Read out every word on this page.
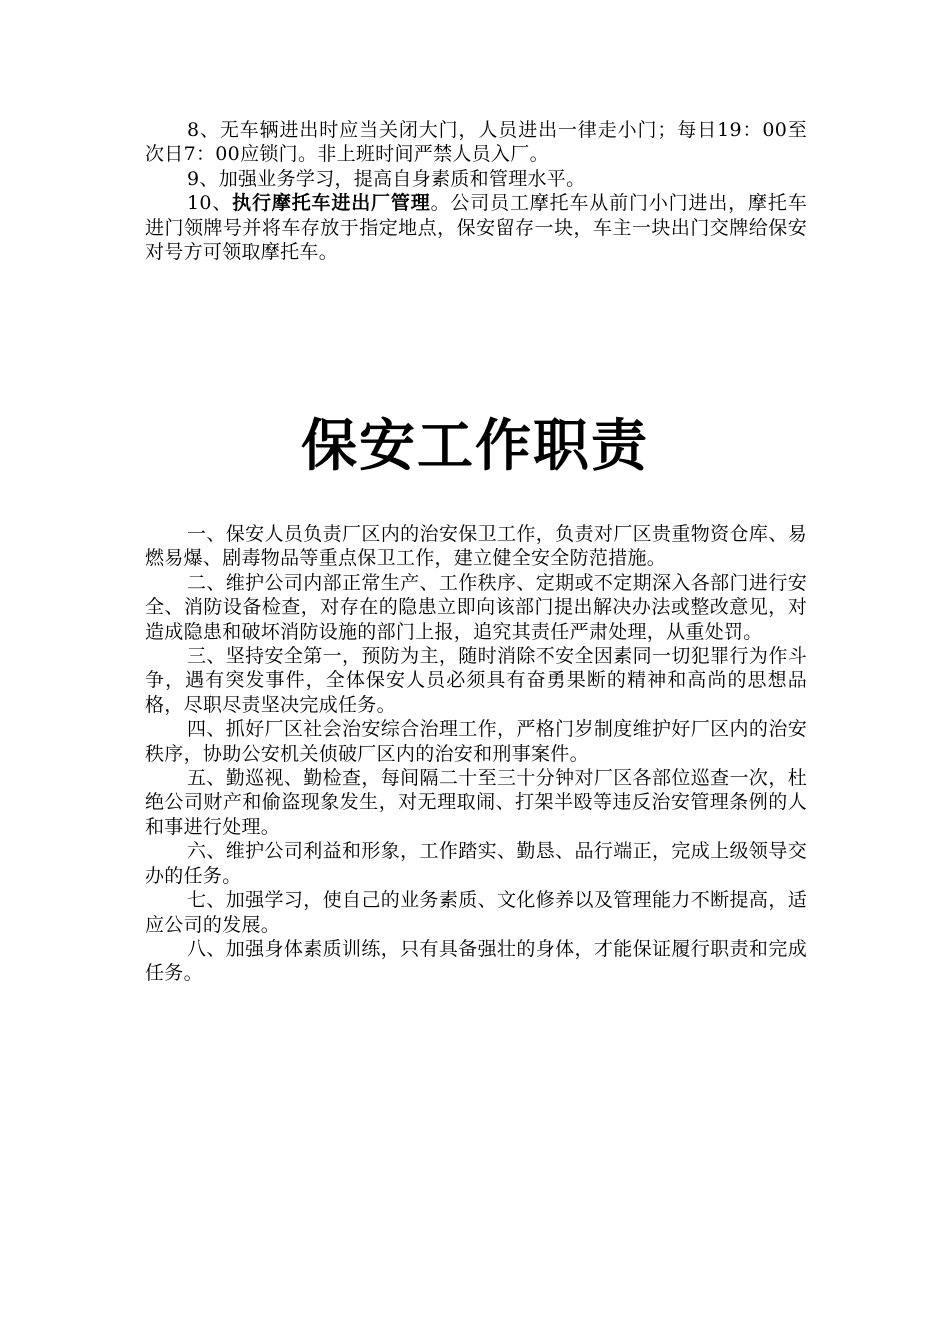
8、无车辆进出时应当关闭大门，人员进出一律走小门；每日19：00至次日7：00应锁门。非上班时间严禁人员入厂。

9、加强业务学习，提高自身素质和管理水平。

10、执行摩托车进出厂管理。公司员工摩托车从前门小门进出，摩托车进门领牌号并将车存放于指定地点，保安留存一块，车主一块出门交牌给保安对号方可领取摩托车。

保安工作职责

一、保安人员负责厂区内的治安保卫工作，负责对厂区贵重物资仓库、易燃易爆、剧毒物品等重点保卫工作，建立健全安全防范措施。

二、维护公司内部正常生产、工作秩序、定期或不定期深入各部门进行安全、消防设备检查，对存在的隐患立即向该部门提出解决办法或整改意见，对造成隐患和破坏消防设施的部门上报，追究其责任严肃处理，从重处罚。

三、坚持安全第一，预防为主，随时消除不安全因素同一切犯罪行为作斗争，遇有突发事件，全体保安人员必须具有奋勇果断的精神和高尚的思想品格，尽职尽责坚决完成任务。

四、抓好厂区社会治安综合治理工作，严格门岁制度维护好厂区内的治安秩序，协助公安机关侦破厂区内的治安和刑事案件。

五、勤巡视、勤检查，每间隔二十至三十分钟对厂区各部位巡查一次，杜绝公司财产和偷盗现象发生，对无理取闹、打架半殴等违反治安管理条例的人和事进行处理。

六、维护公司利益和形象，工作踏实、勤恳、品行端正，完成上级领导交办的任务。

七、加强学习，使自己的业务素质、文化修养以及管理能力不断提高，适应公司的发展。

八、加强身体素质训练，只有具备强壮的身体，才能保证履行职责和完成任务。
